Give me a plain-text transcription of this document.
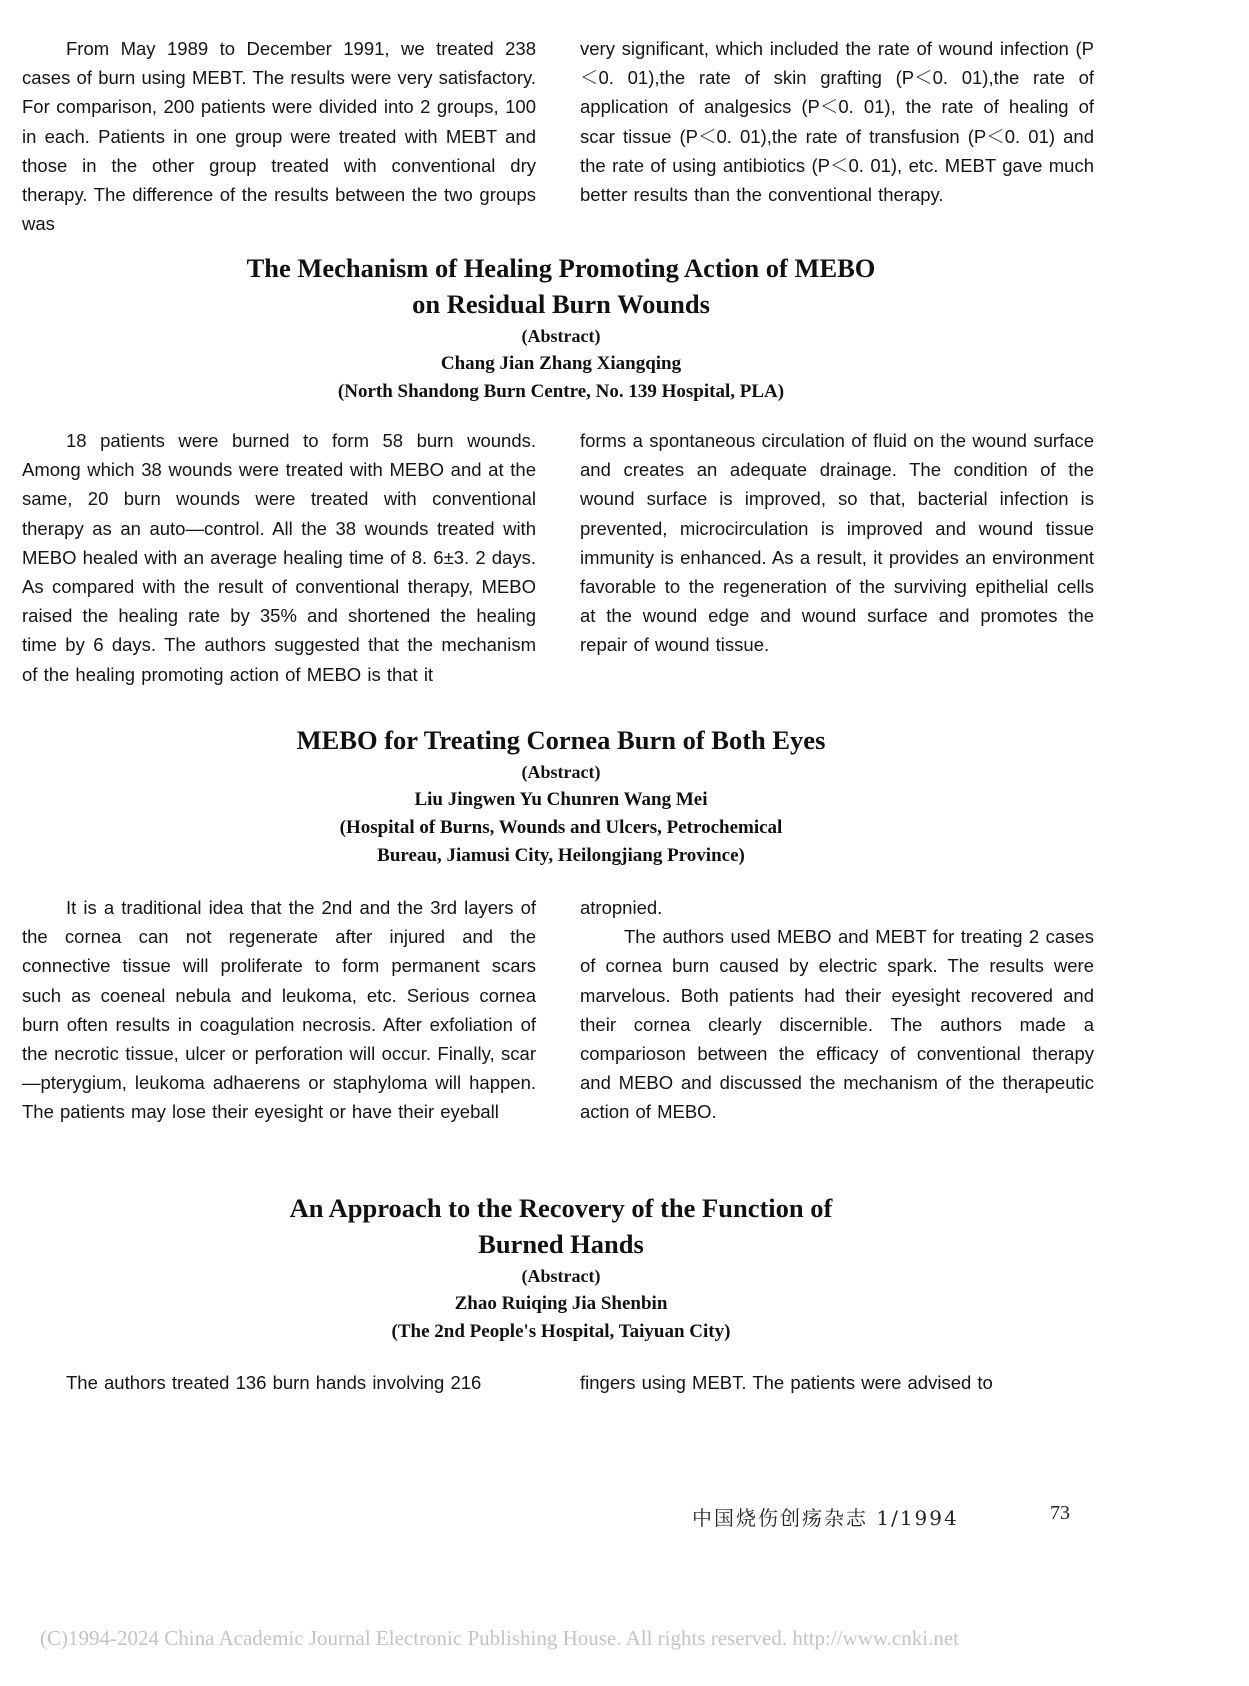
From May 1989 to December 1991, we treated 238 cases of burn using MEBT. The results were very satisfactory. For comparison, 200 patients were divided into 2 groups, 100 in each. Patients in one group were treated with MEBT and those in the other group treated with conventional dry therapy. The difference of the results between the two groups was

very significant, which included the rate of wound infection (P＜0. 01),the rate of skin grafting (P＜0. 01),the rate of application of analgesics (P＜0. 01), the rate of healing of scar tissue (P＜0. 01),the rate of transfusion (P＜0. 01) and the rate of using antibiotics (P＜0. 01), etc. MEBT gave much better results than the conventional therapy.

The Mechanism of Healing Promoting Action of MEBO
on Residual Burn Wounds
(Abstract)
Chang Jian Zhang Xiangqing
(North Shandong Burn Centre, No. 139 Hospital, PLA)

18 patients were burned to form 58 burn wounds. Among which 38 wounds were treated with MEBO and at the same, 20 burn wounds were treated with conventional therapy as an auto—control. All the 38 wounds treated with MEBO healed with an average healing time of 8. 6±3. 2 days. As compared with the result of conventional therapy, MEBO raised the healing rate by 35% and shortened the healing time by 6 days. The authors suggested that the mechanism of the healing promoting action of MEBO is that it

forms a spontaneous circulation of fluid on the wound surface and creates an adequate drainage. The condition of the wound surface is improved, so that, bacterial infection is prevented, microcirculation is improved and wound tissue immunity is enhanced. As a result, it provides an environment favorable to the regeneration of the surviving epithelial cells at the wound edge and wound surface and promotes the repair of wound tissue.

MEBO for Treating Cornea Burn of Both Eyes
(Abstract)
Liu Jingwen Yu Chunren Wang Mei
(Hospital of Burns, Wounds and Ulcers, Petrochemical
Bureau, Jiamusi City, Heilongjiang Province)

It is a traditional idea that the 2nd and the 3rd layers of the cornea can not regenerate after injured and the connective tissue will proliferate to form permanent scars such as coeneal nebula and leukoma, etc. Serious cornea burn often results in coagulation necrosis. After exfoliation of the necrotic tissue, ulcer or perforation will occur. Finally, scar—pterygium, leukoma adhaerens or staphyloma will happen. The patients may lose their eyesight or have their eyeball

atropnied.

The authors used MEBO and MEBT for treating 2 cases of cornea burn caused by electric spark. The results were marvelous. Both patients had their eyesight recovered and their cornea clearly discernible. The authors made a comparioson between the efficacy of conventional therapy and MEBO and discussed the mechanism of the therapeutic action of MEBO.

An Approach to the Recovery of the Function of
Burned Hands
(Abstract)
Zhao Ruiqing Jia Shenbin
(The 2nd People's Hospital, Taiyuan City)

The authors treated 136 burn hands involving 216	fingers using MEBT. The patients were advised to

中国烧伤创疡杂志 1/1994	73
(C)1994-2024 China Academic Journal Electronic Publishing House. All rights reserved. http://www.cnki.net
